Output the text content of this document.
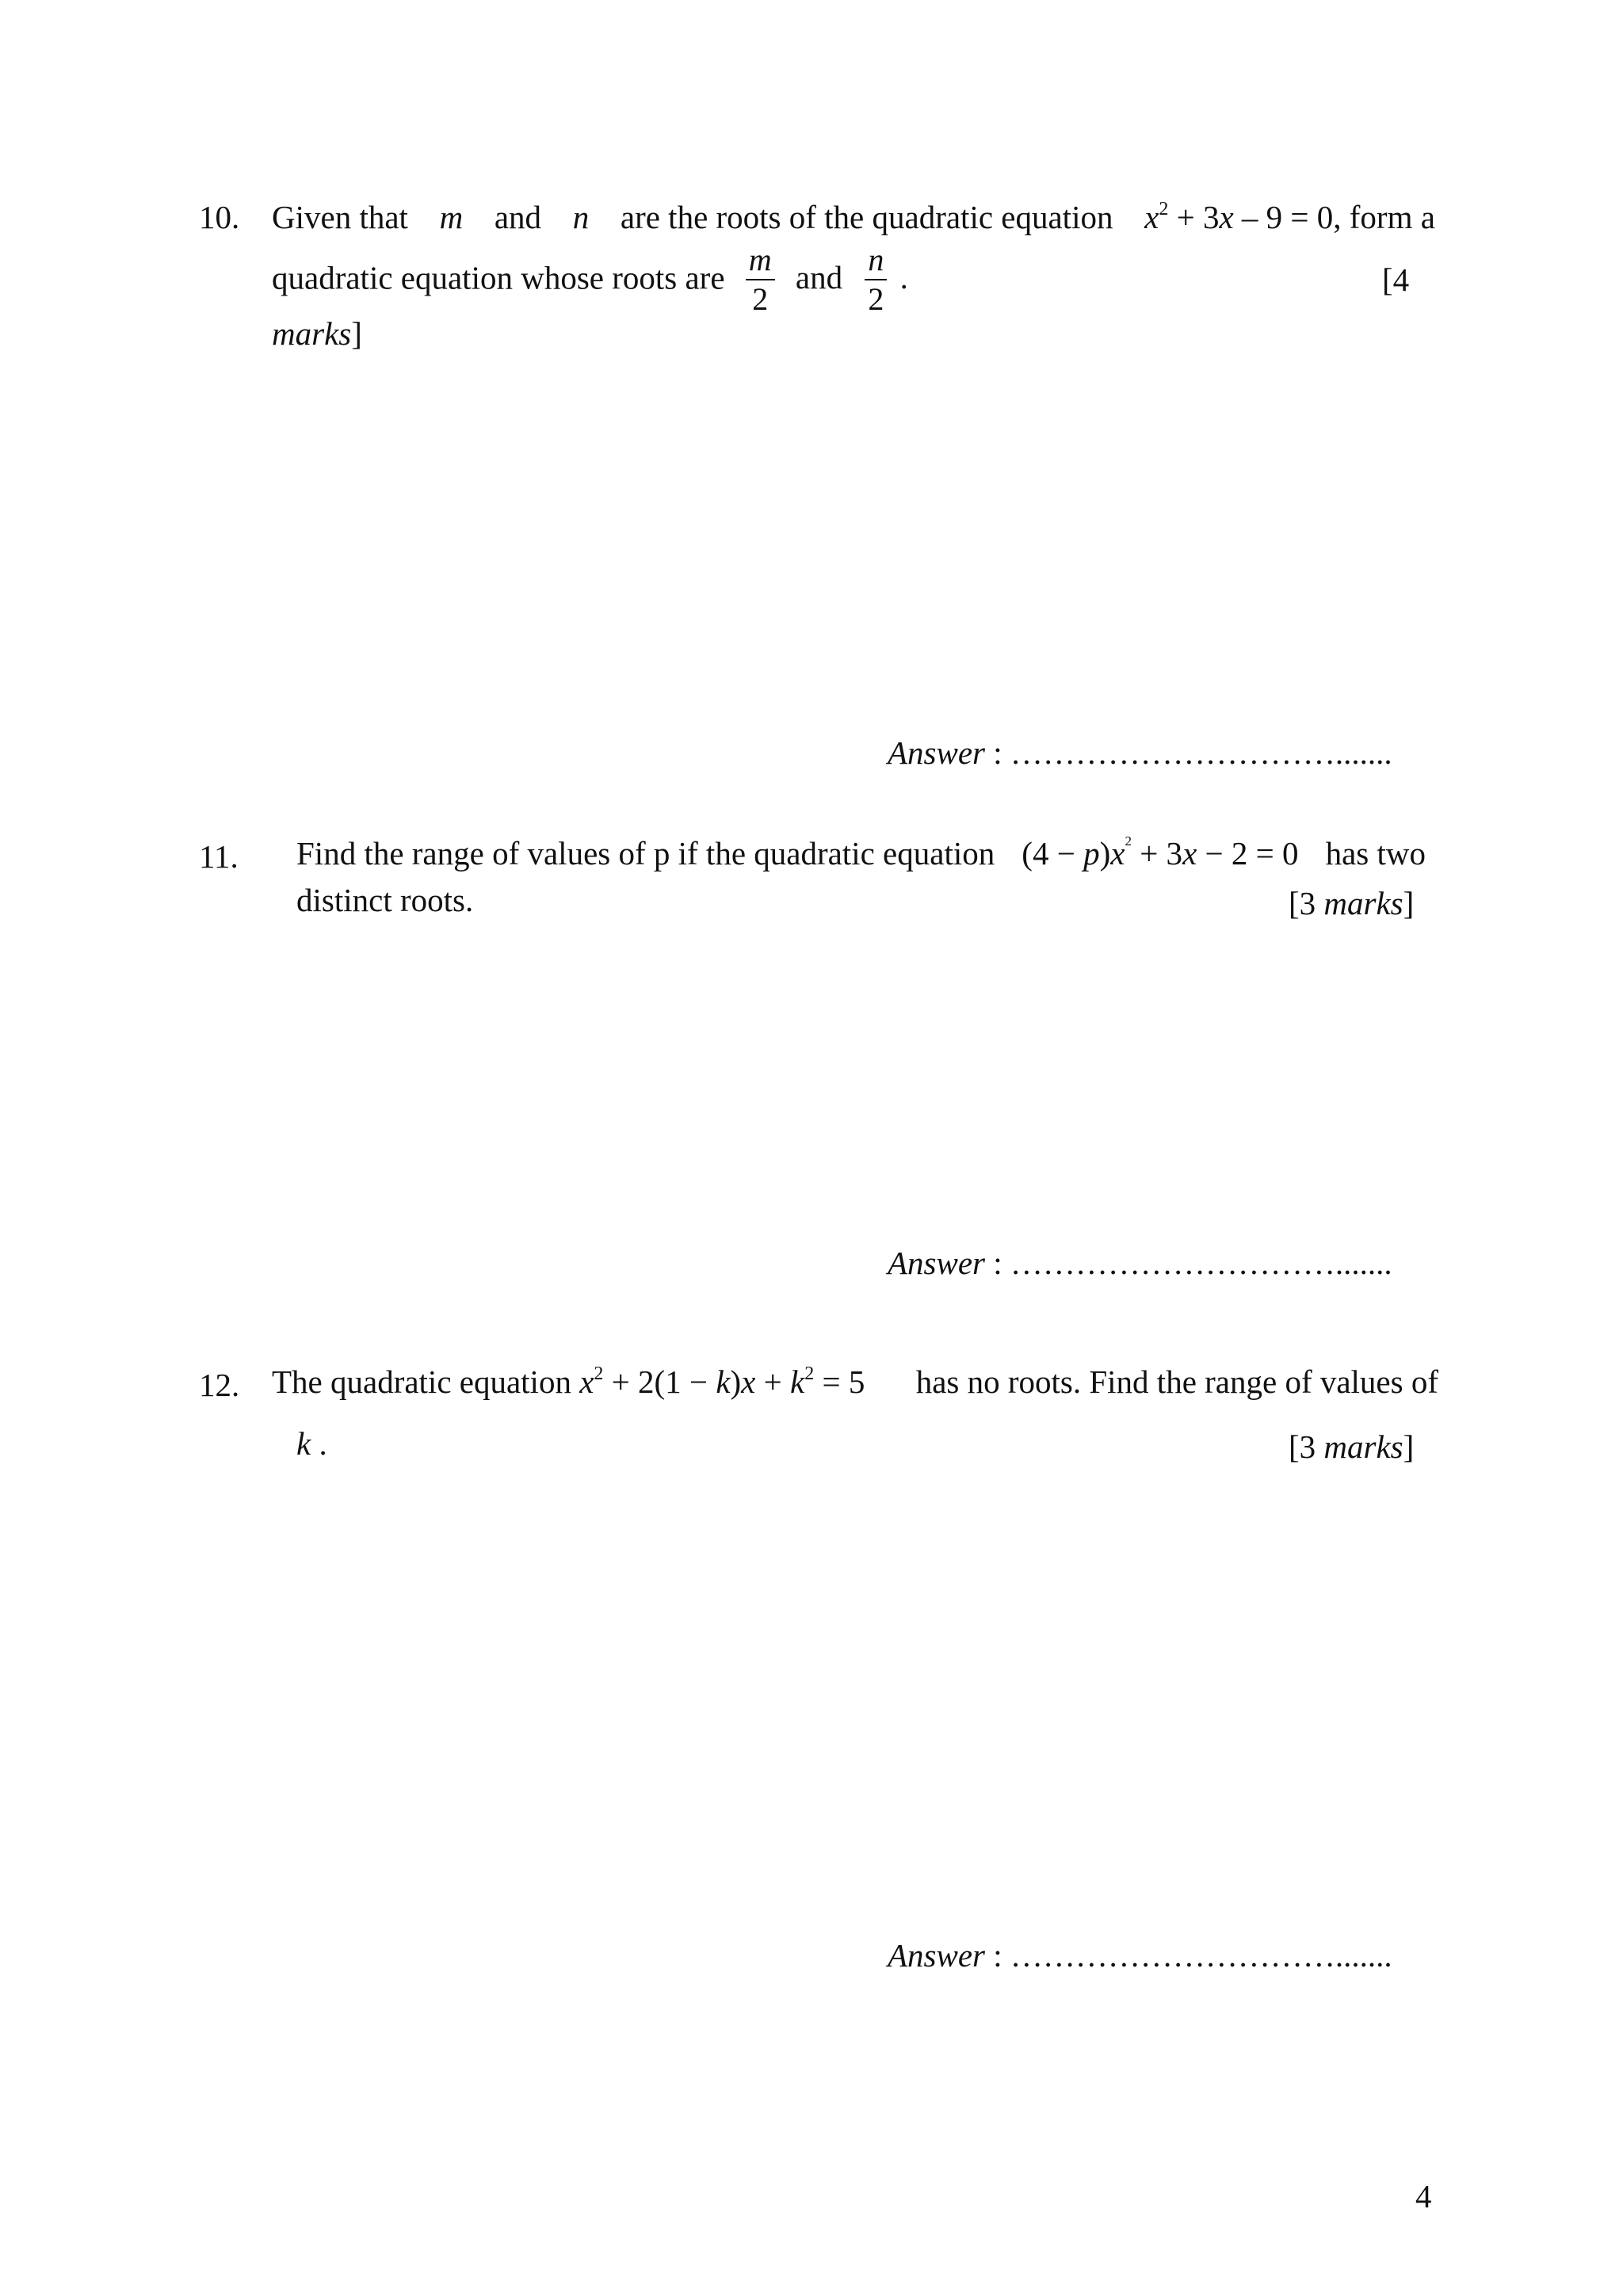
10. Given that m and n are the roots of the quadratic equation $x^2 + 3x - 9 = 0$, form a
quadratic equation whose roots are $\frac{m}{2}$ and $\frac{n}{2}$ .	[4
marks]
Answer : ………………………….......
11. Find the range of values of p if the quadratic equation $(4 - p)x^2 + 3x - 2 = 0$ has two
distinct roots.	[3 marks]
Answer : ………………………….......
12. The quadratic equation $x^2 + 2(1 - k)x + k^2 = 5$ has no roots. Find the range of values of
k .	[3 marks]
Answer : ………………………….......
4
